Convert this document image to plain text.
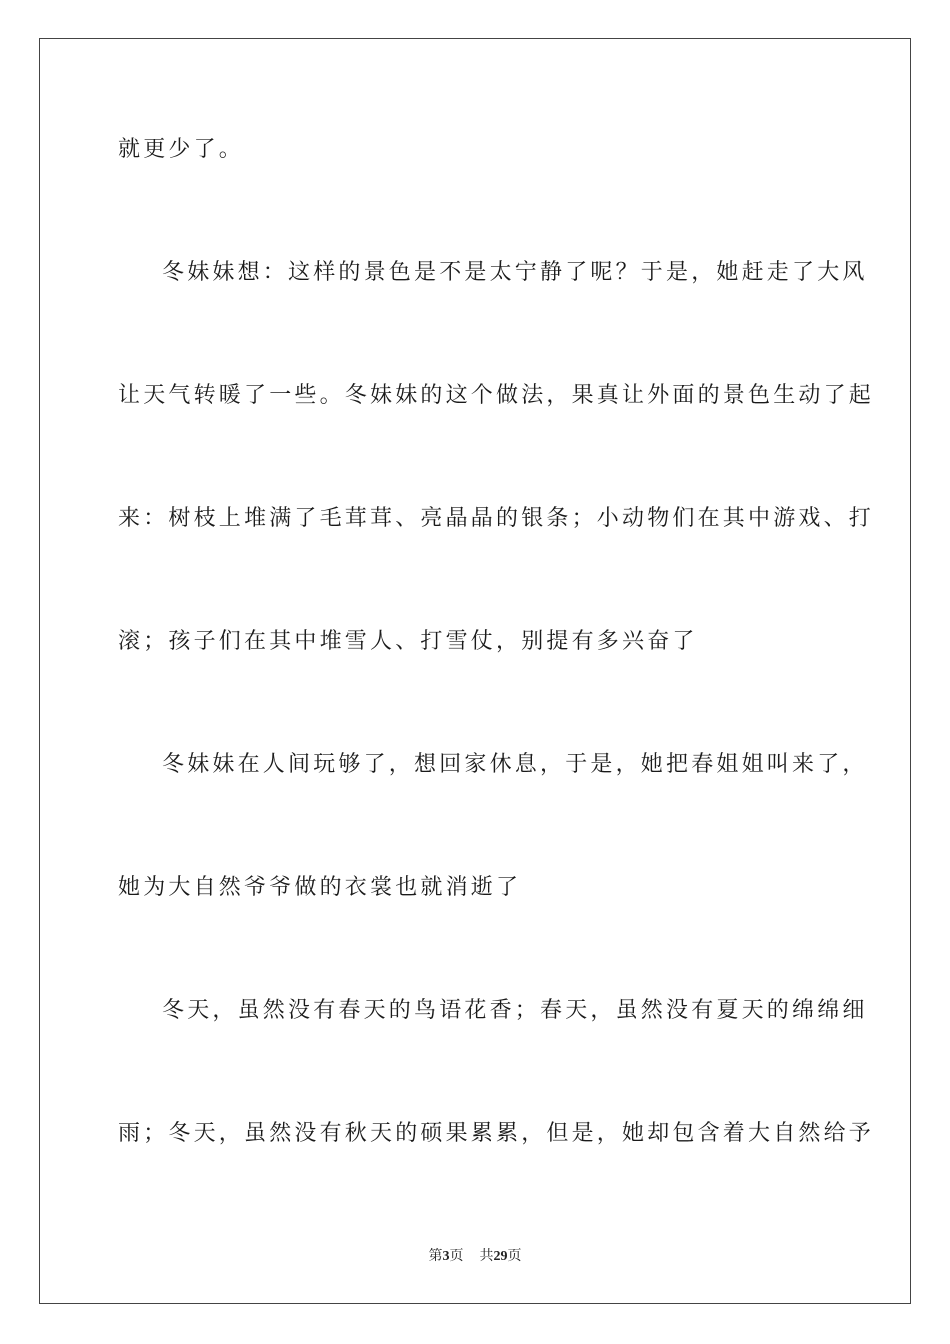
就更少了。
冬妹妹想：这样的景色是不是太宁静了呢？于是，她赶走了大风
让天气转暖了一些。冬妹妹的这个做法，果真让外面的景色生动了起
来：树枝上堆满了毛茸茸、亮晶晶的银条；小动物们在其中游戏、打
滚；孩子们在其中堆雪人、打雪仗，别提有多兴奋了
冬妹妹在人间玩够了，想回家休息，于是，她把春姐姐叫来了，
她为大自然爷爷做的衣裳也就消逝了
冬天，虽然没有春天的鸟语花香；春天，虽然没有夏天的绵绵细
雨；冬天，虽然没有秋天的硕果累累，但是，她却包含着大自然给予
第3页 共29页
